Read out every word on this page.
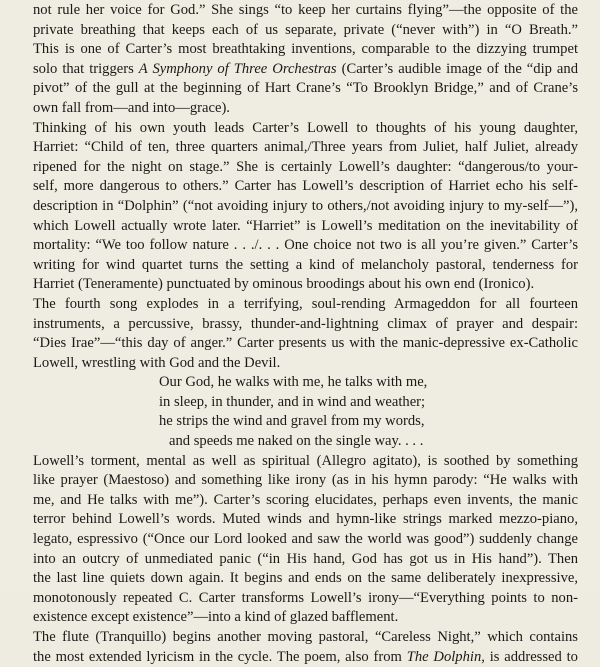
not rule her voice for God.” She sings “to keep her curtains flying”—the opposite of the
private breathing that keeps each of us separate, private (“never with”) in “O Breath.”
This is one of Carter’s most breathtaking inventions, comparable to the dizzying trumpet
solo that triggers A Symphony of Three Orchestras (Carter’s audible image of the “dip and
pivot” of the gull at the beginning of Hart Crane’s “To Brooklyn Bridge,” and of Crane’s
own fall from—and into—grace).
Thinking of his own youth leads Carter’s Lowell to thoughts of his young daughter,
Harriet: “Child of ten, three quarters animal,/Three years from Juliet, half Juliet, already
ripened for the night on stage.” She is certainly Lowell’s daughter: “dangerous/to your-
self, more dangerous to others.” Carter has Lowell’s description of Harriet echo his self-
description in “Dolphin” (“not avoiding injury to others,/not avoiding injury to my-self—”),
which Lowell actually wrote later. “Harriet” is Lowell’s meditation on the inevitability of
mortality: “We too follow nature . . ./. . . One choice not two is all you’re given.” Carter’s
writing for wind quartet turns the setting a kind of melancholy pastoral, tenderness for
Harriet (Teneramente) punctuated by ominous broodings about his own end (Ironico).
The fourth song explodes in a terrifying, soul-rending Armageddon for all fourteen
instruments, a percussive, brassy, thunder-and-lightning climax of prayer and despair:
“Dies Irae”—“this day of anger.” Carter presents us with the manic-depressive ex-Catholic
Lowell, wrestling with God and the Devil.
Our God, he walks with me, he talks with me,
in sleep, in thunder, and in wind and weather;
he strips the wind and gravel from my words,
and speeds me naked on the single way. . . .
Lowell’s torment, mental as well as spiritual (Allegro agitato), is soothed by something
like prayer (Maestoso) and something like irony (as in his hymn parody: “He walks with
me, and He talks with me”). Carter’s scoring elucidates, perhaps even invents, the manic
terror behind Lowell’s words. Muted winds and hymn-like strings marked mezzo-piano,
legato, espressivo (“Once our Lord looked and saw the world was good”) suddenly change
into an outcry of unmediated panic (“in His hand, God has got us in His hand”). Then
the last line quiets down again. It begins and ends on the same deliberately inexpressive,
monotonously repeated C. Carter transforms Lowell’s irony—“Everything points to non-
existence except existence”—into a kind of glazed bafflement.
The flute (Tranquillo) begins another moving pastoral, “Careless Night,” which contains
the most extended lyricism in the cycle. The poem, also from The Dolphin, is addressed to
